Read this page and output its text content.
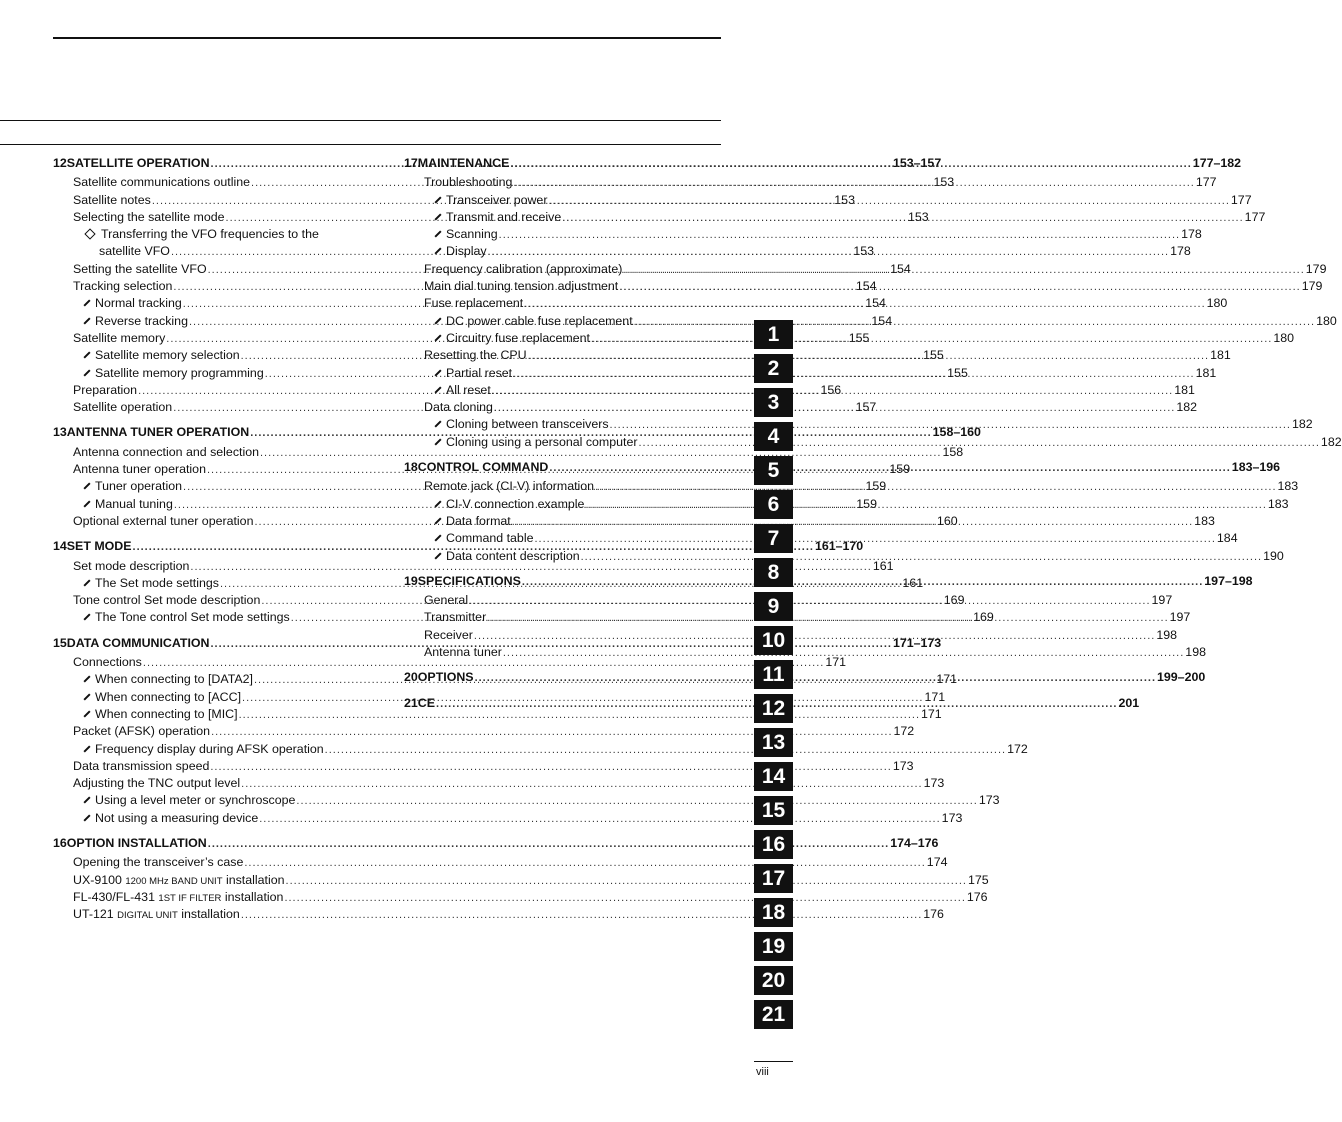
12 SATELLITE OPERATION .....	153–157
Satellite communications outline .....	153
Satellite notes .....	153
Selecting the satellite mode .....	153
Transferring the VFO frequencies to the
satellite VFO .....	153
Setting the satellite VFO .....	154
Tracking selection .....	154
Normal tracking .....	154
Reverse tracking .....	154
Satellite memory .....	155
Satellite memory selection .....	155
Satellite memory programming .....	155
Preparation .....	156
Satellite operation .....	157
13 ANTENNA TUNER OPERATION .....	158–160
Antenna connection and selection .....	158
Antenna tuner operation .....	159
Tuner operation .....	159
Manual tuning .....	159
Optional external tuner operation .....	160
14 SET MODE .....	161–170
Set mode description .....	161
The Set mode settings .....	161
Tone control Set mode description .....	169
The Tone control Set mode settings .....	169
15 DATA COMMUNICATION .....	171–173
Connections .....	171
When connecting to [DATA2] .....	171
When connecting to [ACC] .....	171
When connecting to [MIC] .....	171
Packet (AFSK) operation .....	172
Frequency display during AFSK operation .....	172
Data transmission speed .....	173
Adjusting the TNC output level .....	173
Using a level meter or synchroscope .....	173
Not using a measuring device .....	173
16 OPTION INSTALLATION .....	174–176
Opening the transceiver’s case .....	174
UX-9100 1200 MHz BAND UNIT installation .....	175
FL-430/FL-431 1ST IF FILTER installation .....	176
UT-121 DIGITAL UNIT installation .....	176
17 MAINTENANCE .....	177–182
Troubleshooting .....	177
Transceiver power .....	177
Transmit and receive .....	177
Scanning .....	178
Display .....	178
Frequency calibration (approximate) .....	179
Main dial tuning tension adjustment .....	179
Fuse replacement .....	180
DC power cable fuse replacement .....	180
Circuitry fuse replacement .....	180
Resetting the CPU .....	181
Partial reset .....	181
All reset .....	181
Data cloning .....	182
Cloning between transceivers .....	182
Cloning using a personal computer .....	182
18 CONTROL COMMAND .....	183–196
Remote jack (CI-V) information .....	183
CI-V connection example .....	183
Data format .....	183
Command table .....	184
Data content description .....	190
19 SPECIFICATIONS .....	197–198
General .....	197
Transmitter .....	197
Receiver .....	198
Antenna tuner .....	198
20 OPTIONS .....	199–200
21 CE .....	201
1
2
3
4
5
6
7
8
9
10
11
12
13
14
15
16
17
18
19
20
21
viii
